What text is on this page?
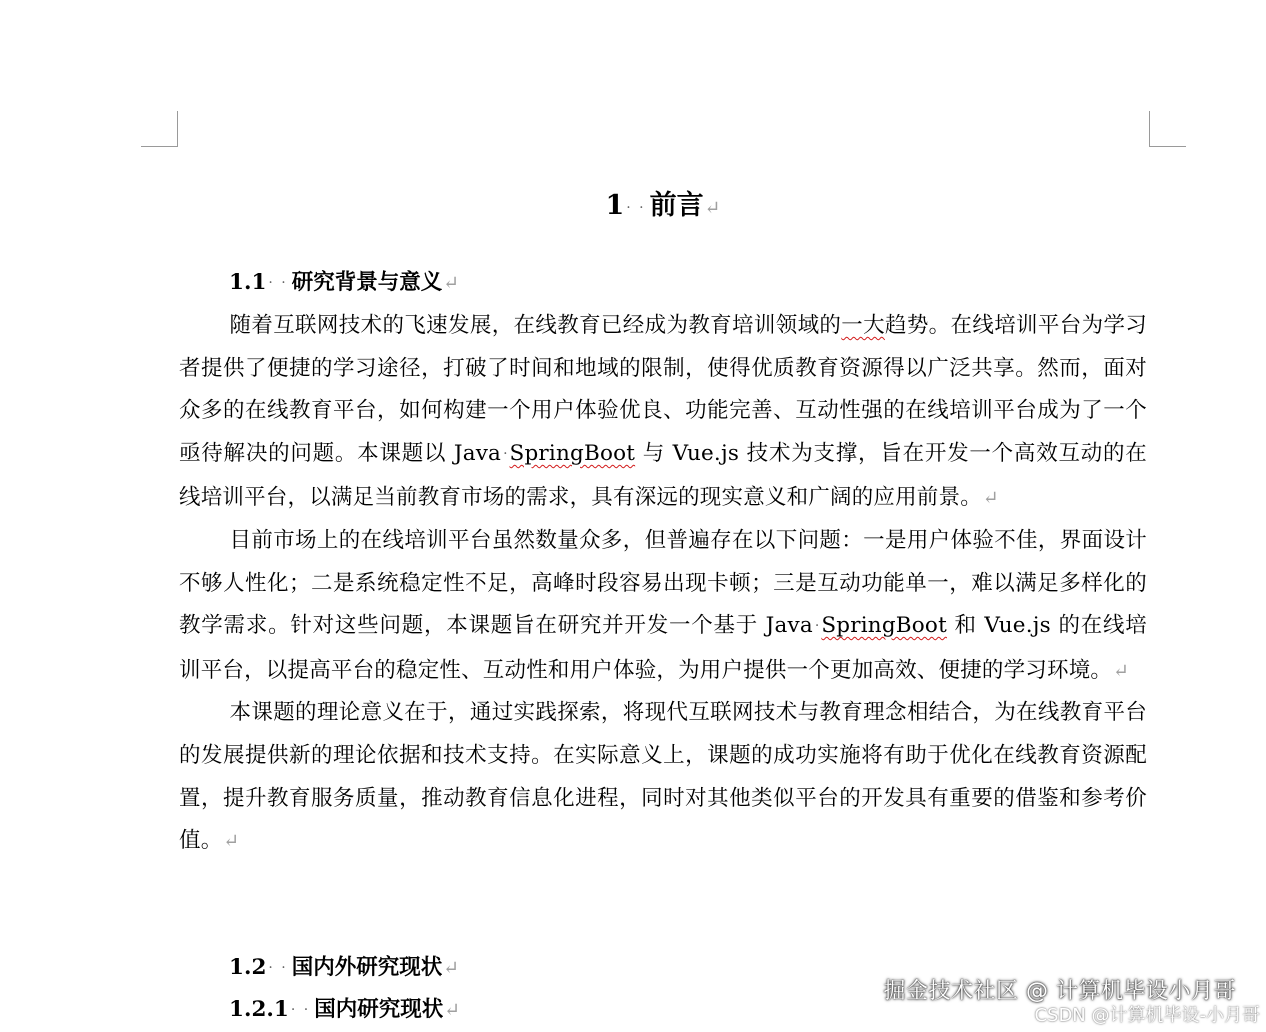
1 · · 前言↵
1.1 · · 研究背景与意义↵

随着互联网技术的飞速发展，在线教育已经成为教育培训领域的一大趋势。在线培训平台为学习者提供了便捷的学习途径，打破了时间和地域的限制，使得优质教育资源得以广泛共享。然而，面对众多的在线教育平台，如何构建一个用户体验优良、功能完善、互动性强的在线培训平台成为了一个亟待解决的问题。本课题以 Java ·SpringBoot 与 Vue.js 技术为支撑，旨在开发一个高效互动的在线培训平台，以满足当前教育市场的需求，具有深远的现实意义和广阔的应用前景。↵

目前市场上的在线培训平台虽然数量众多，但普遍存在以下问题：一是用户体验不佳，界面设计不够人性化；二是系统稳定性不足，高峰时段容易出现卡顿；三是互动功能单一，难以满足多样化的教学需求。针对这些问题，本课题旨在研究并开发一个基于 Java ·SpringBoot 和 Vue.js 的在线培训平台，以提高平台的稳定性、互动性和用户体验，为用户提供一个更加高效、便捷的学习环境。↵

本课题的理论意义在于，通过实践探索，将现代互联网技术与教育理念相结合，为在线教育平台的发展提供新的理论依据和技术支持。在实际意义上，课题的成功实施将有助于优化在线教育资源配置，提升教育服务质量，推动教育信息化进程，同时对其他类似平台的开发具有重要的借鉴和参考价值。↵

1.2 · · 国内外研究现状↵
1.2.1 · · 国内研究现状↵
掘金技术社区 @ 计算机毕设小月哥
CSDN @计算机毕设-小月哥
